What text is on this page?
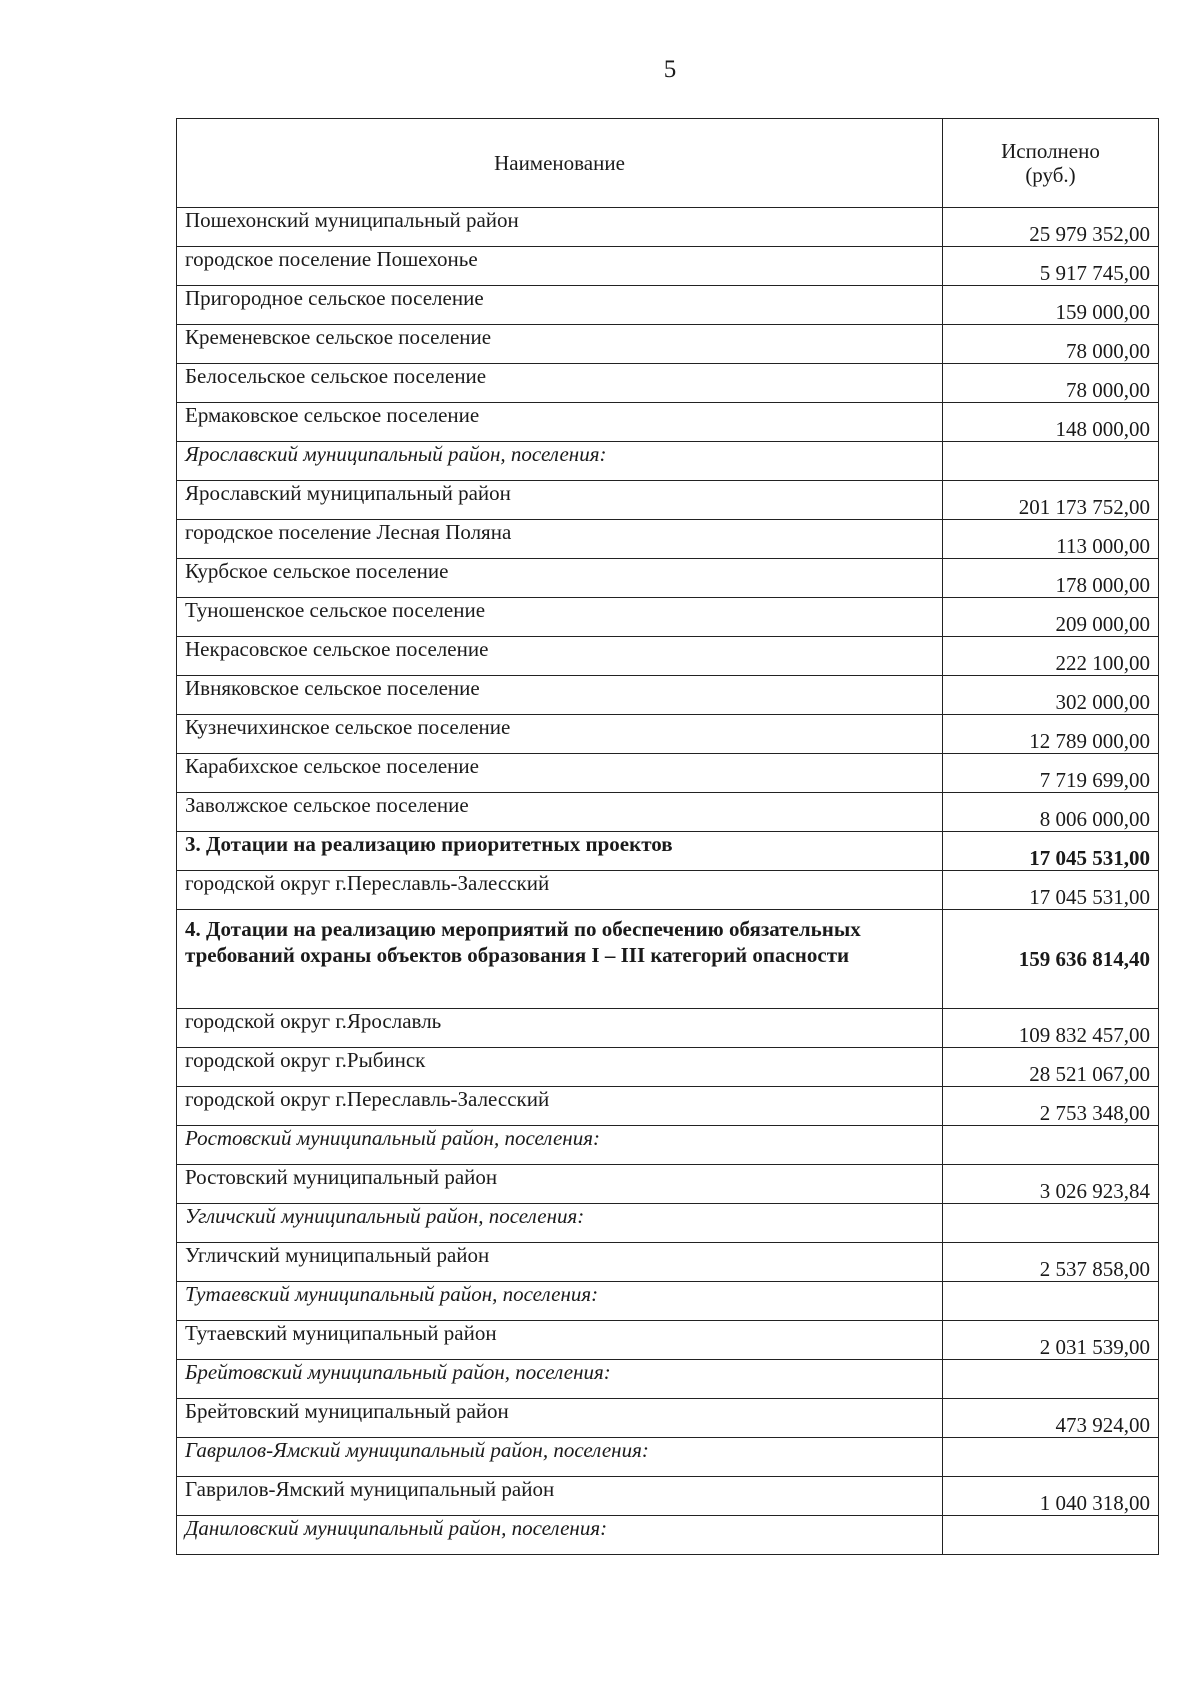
5
Наименование	Исполнено
(руб.)

Пошехонский муниципальный район	25 979 352,00
городское поселение Пошехонье	5 917 745,00
Пригородное сельское поселение	159 000,00
Кременевское сельское поселение	78 000,00
Белосельское сельское поселение	78 000,00
Ермаковское сельское поселение	148 000,00
Ярославский муниципальный район, поселения:	
Ярославский муниципальный район	201 173 752,00
городское поселение Лесная Поляна	113 000,00
Курбское сельское поселение	178 000,00
Туношенское сельское поселение	209 000,00
Некрасовское сельское поселение	222 100,00
Ивняковское сельское поселение	302 000,00
Кузнечихинское сельское поселение	12 789 000,00
Карабихское сельское поселение	7 719 699,00
Заволжское сельское поселение	8 006 000,00
3. Дотации на реализацию приоритетных проектов	17 045 531,00
городской округ г.Переславль-Залесский	17 045 531,00
4. Дотации на реализацию мероприятий по обеспечению обязательных требований охраны объектов образования I – III категорий опасности	159 636 814,40
городской округ г.Ярославль	109 832 457,00
городской округ г.Рыбинск	28 521 067,00
городской округ г.Переславль-Залесский	2 753 348,00
Ростовский муниципальный район, поселения:	
Ростовский муниципальный район	3 026 923,84
Угличский муниципальный район, поселения:	
Угличский муниципальный район	2 537 858,00
Тутаевский муниципальный район, поселения:	
Тутаевский муниципальный район	2 031 539,00
Брейтовский муниципальный район, поселения:	
Брейтовский муниципальный район	473 924,00
Гаврилов-Ямский муниципальный район, поселения:	
Гаврилов-Ямский муниципальный район	1 040 318,00
Даниловский муниципальный район, поселения:	
